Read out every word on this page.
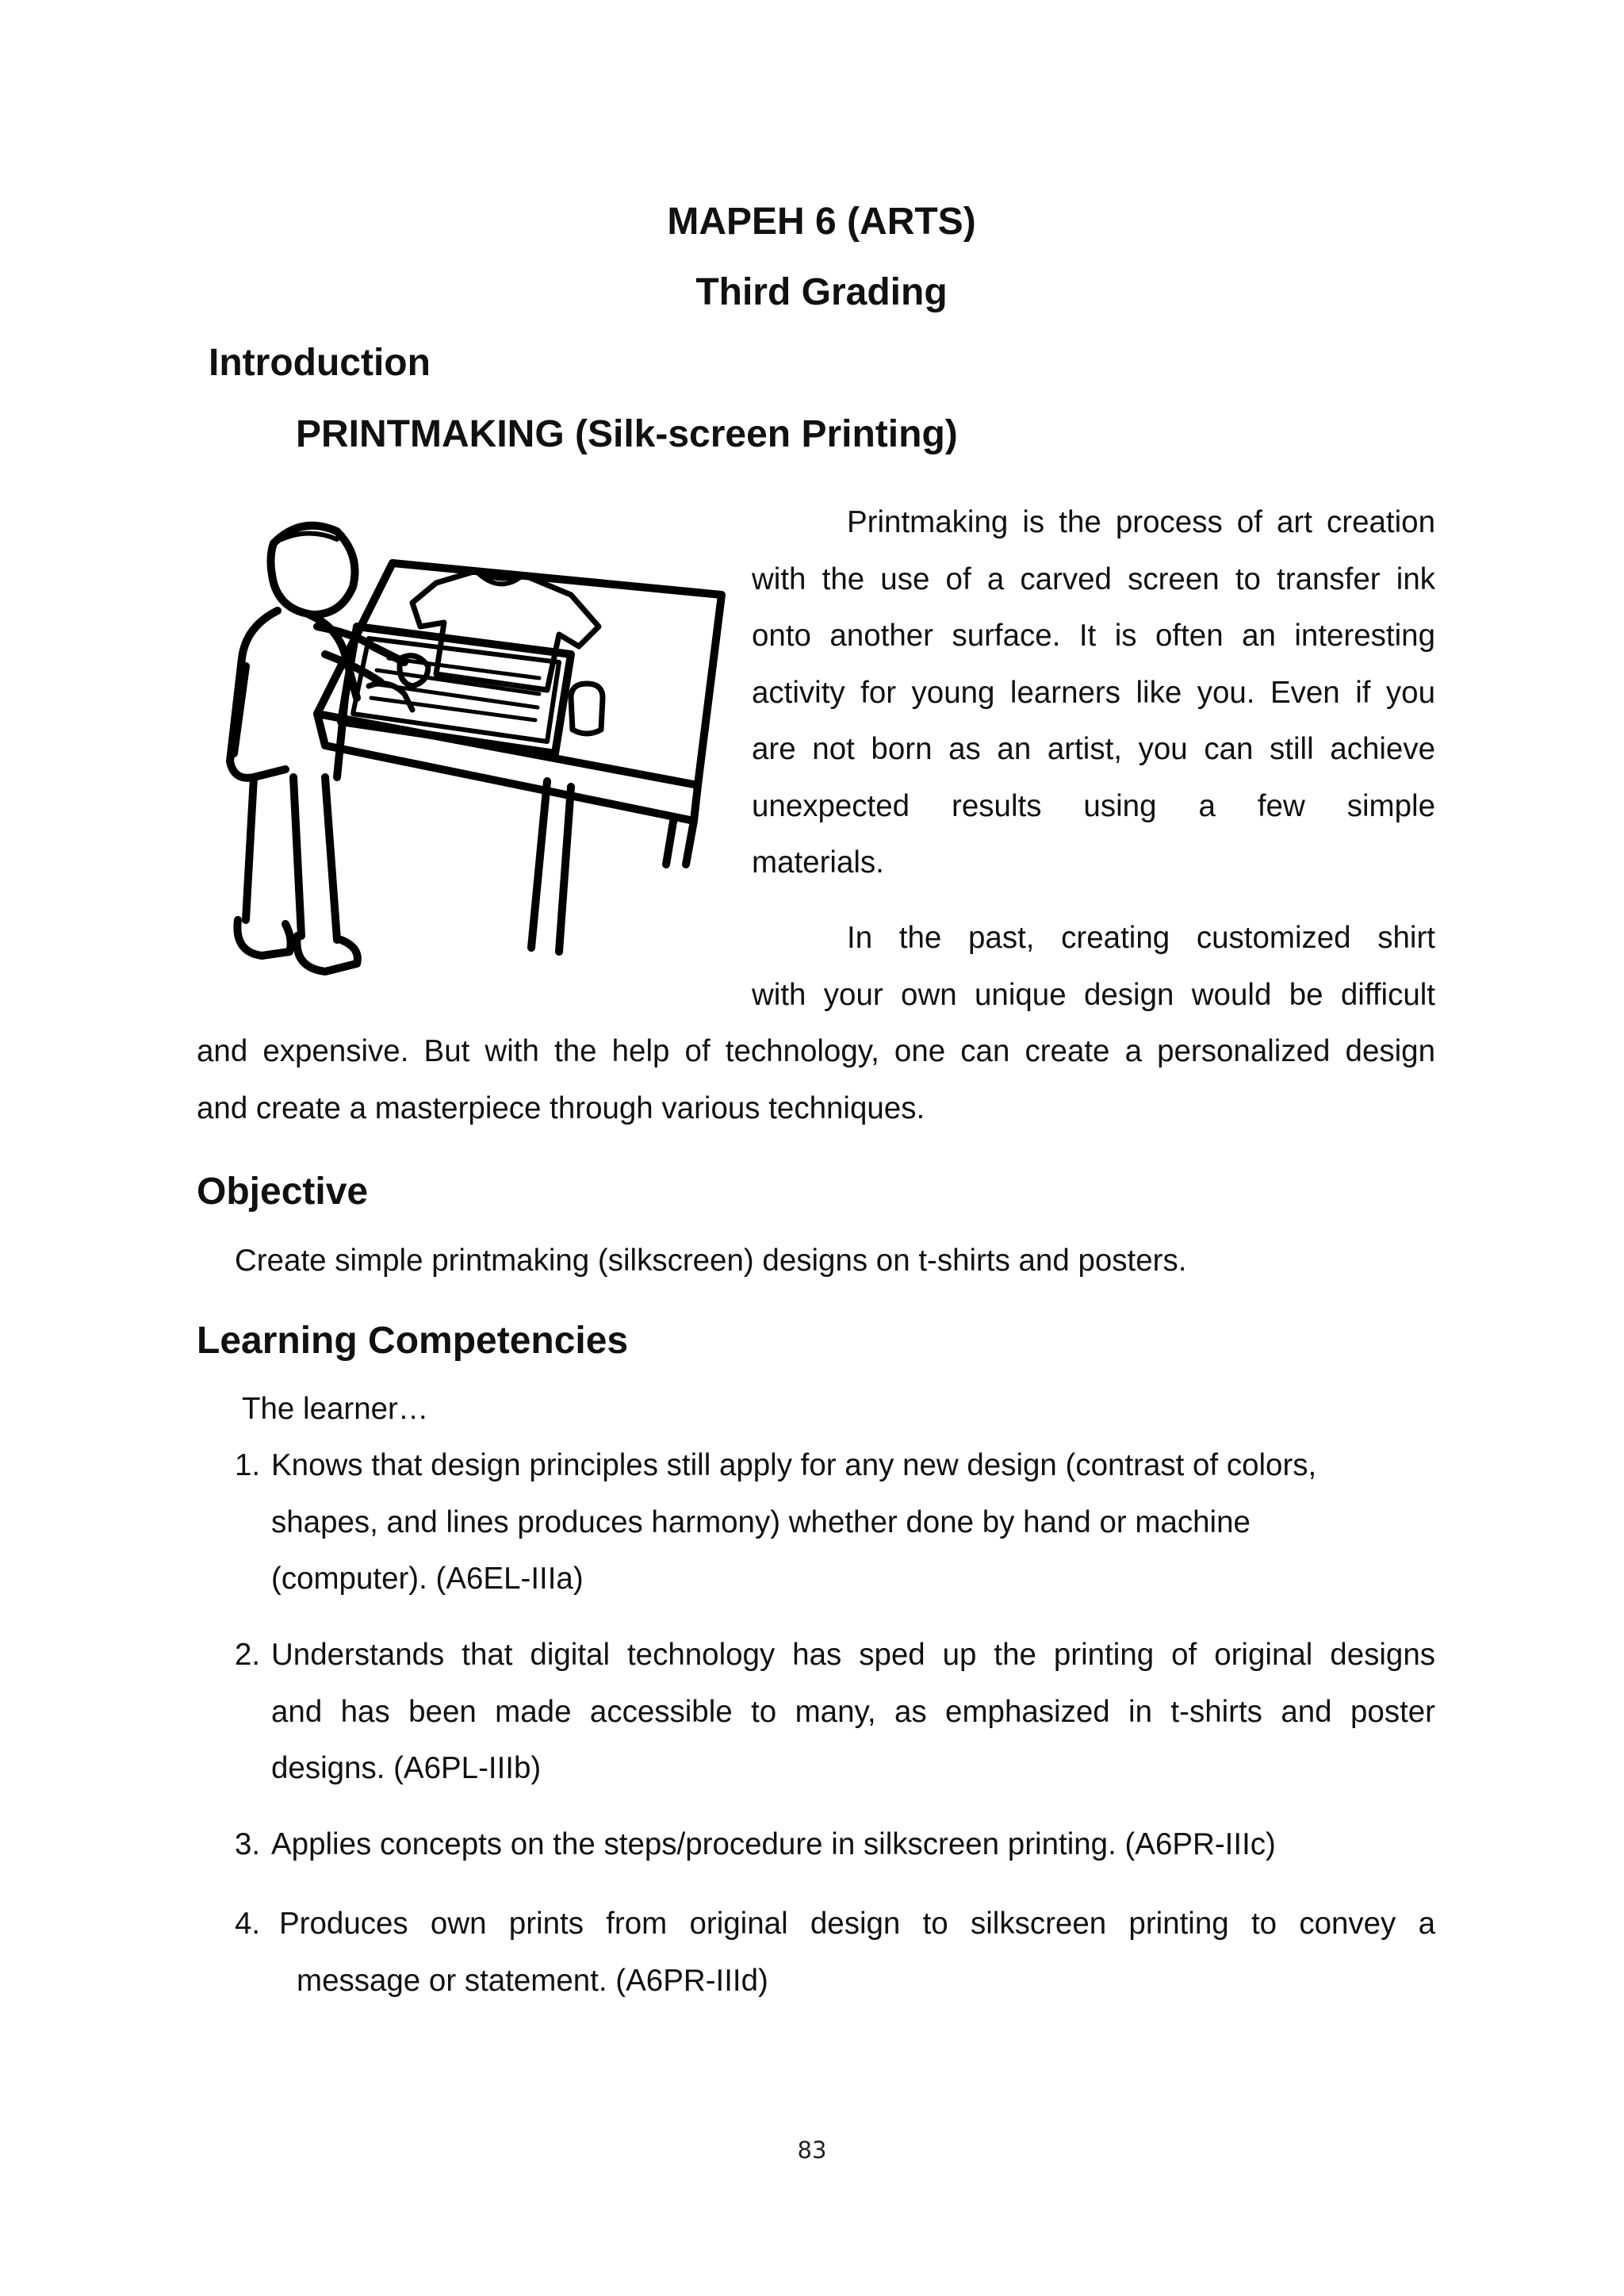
MAPEH 6 (ARTS)
Third Grading
Introduction
PRINTMAKING (Silk-screen Printing)
Printmaking is the process of art creation
with the use of a carved screen to transfer ink
onto another surface. It is often an interesting
activity for young learners like you. Even if you
are not born as an artist, you can still achieve
unexpected results using a few simple
materials.
In the past, creating customized shirt
with your own unique design would be difficult
and expensive. But with the help of technology, one can create a personalized design
and create a masterpiece through various techniques.
Objective
Create simple printmaking (silkscreen) designs on t-shirts and posters.
Learning Competencies
The learner…
1. Knows that design principles still apply for any new design (contrast of colors,
shapes, and lines produces harmony) whether done by hand or machine
(computer). (A6EL-IIIa)
2. Understands that digital technology has sped up the printing of original designs
and has been made accessible to many, as emphasized in t-shirts and poster
designs. (A6PL-IIIb)
3. Applies concepts on the steps/procedure in silkscreen printing. (A6PR-IIIc)
4. Produces own prints from original design to silkscreen printing to convey a
message or statement. (A6PR-IIId)
83
